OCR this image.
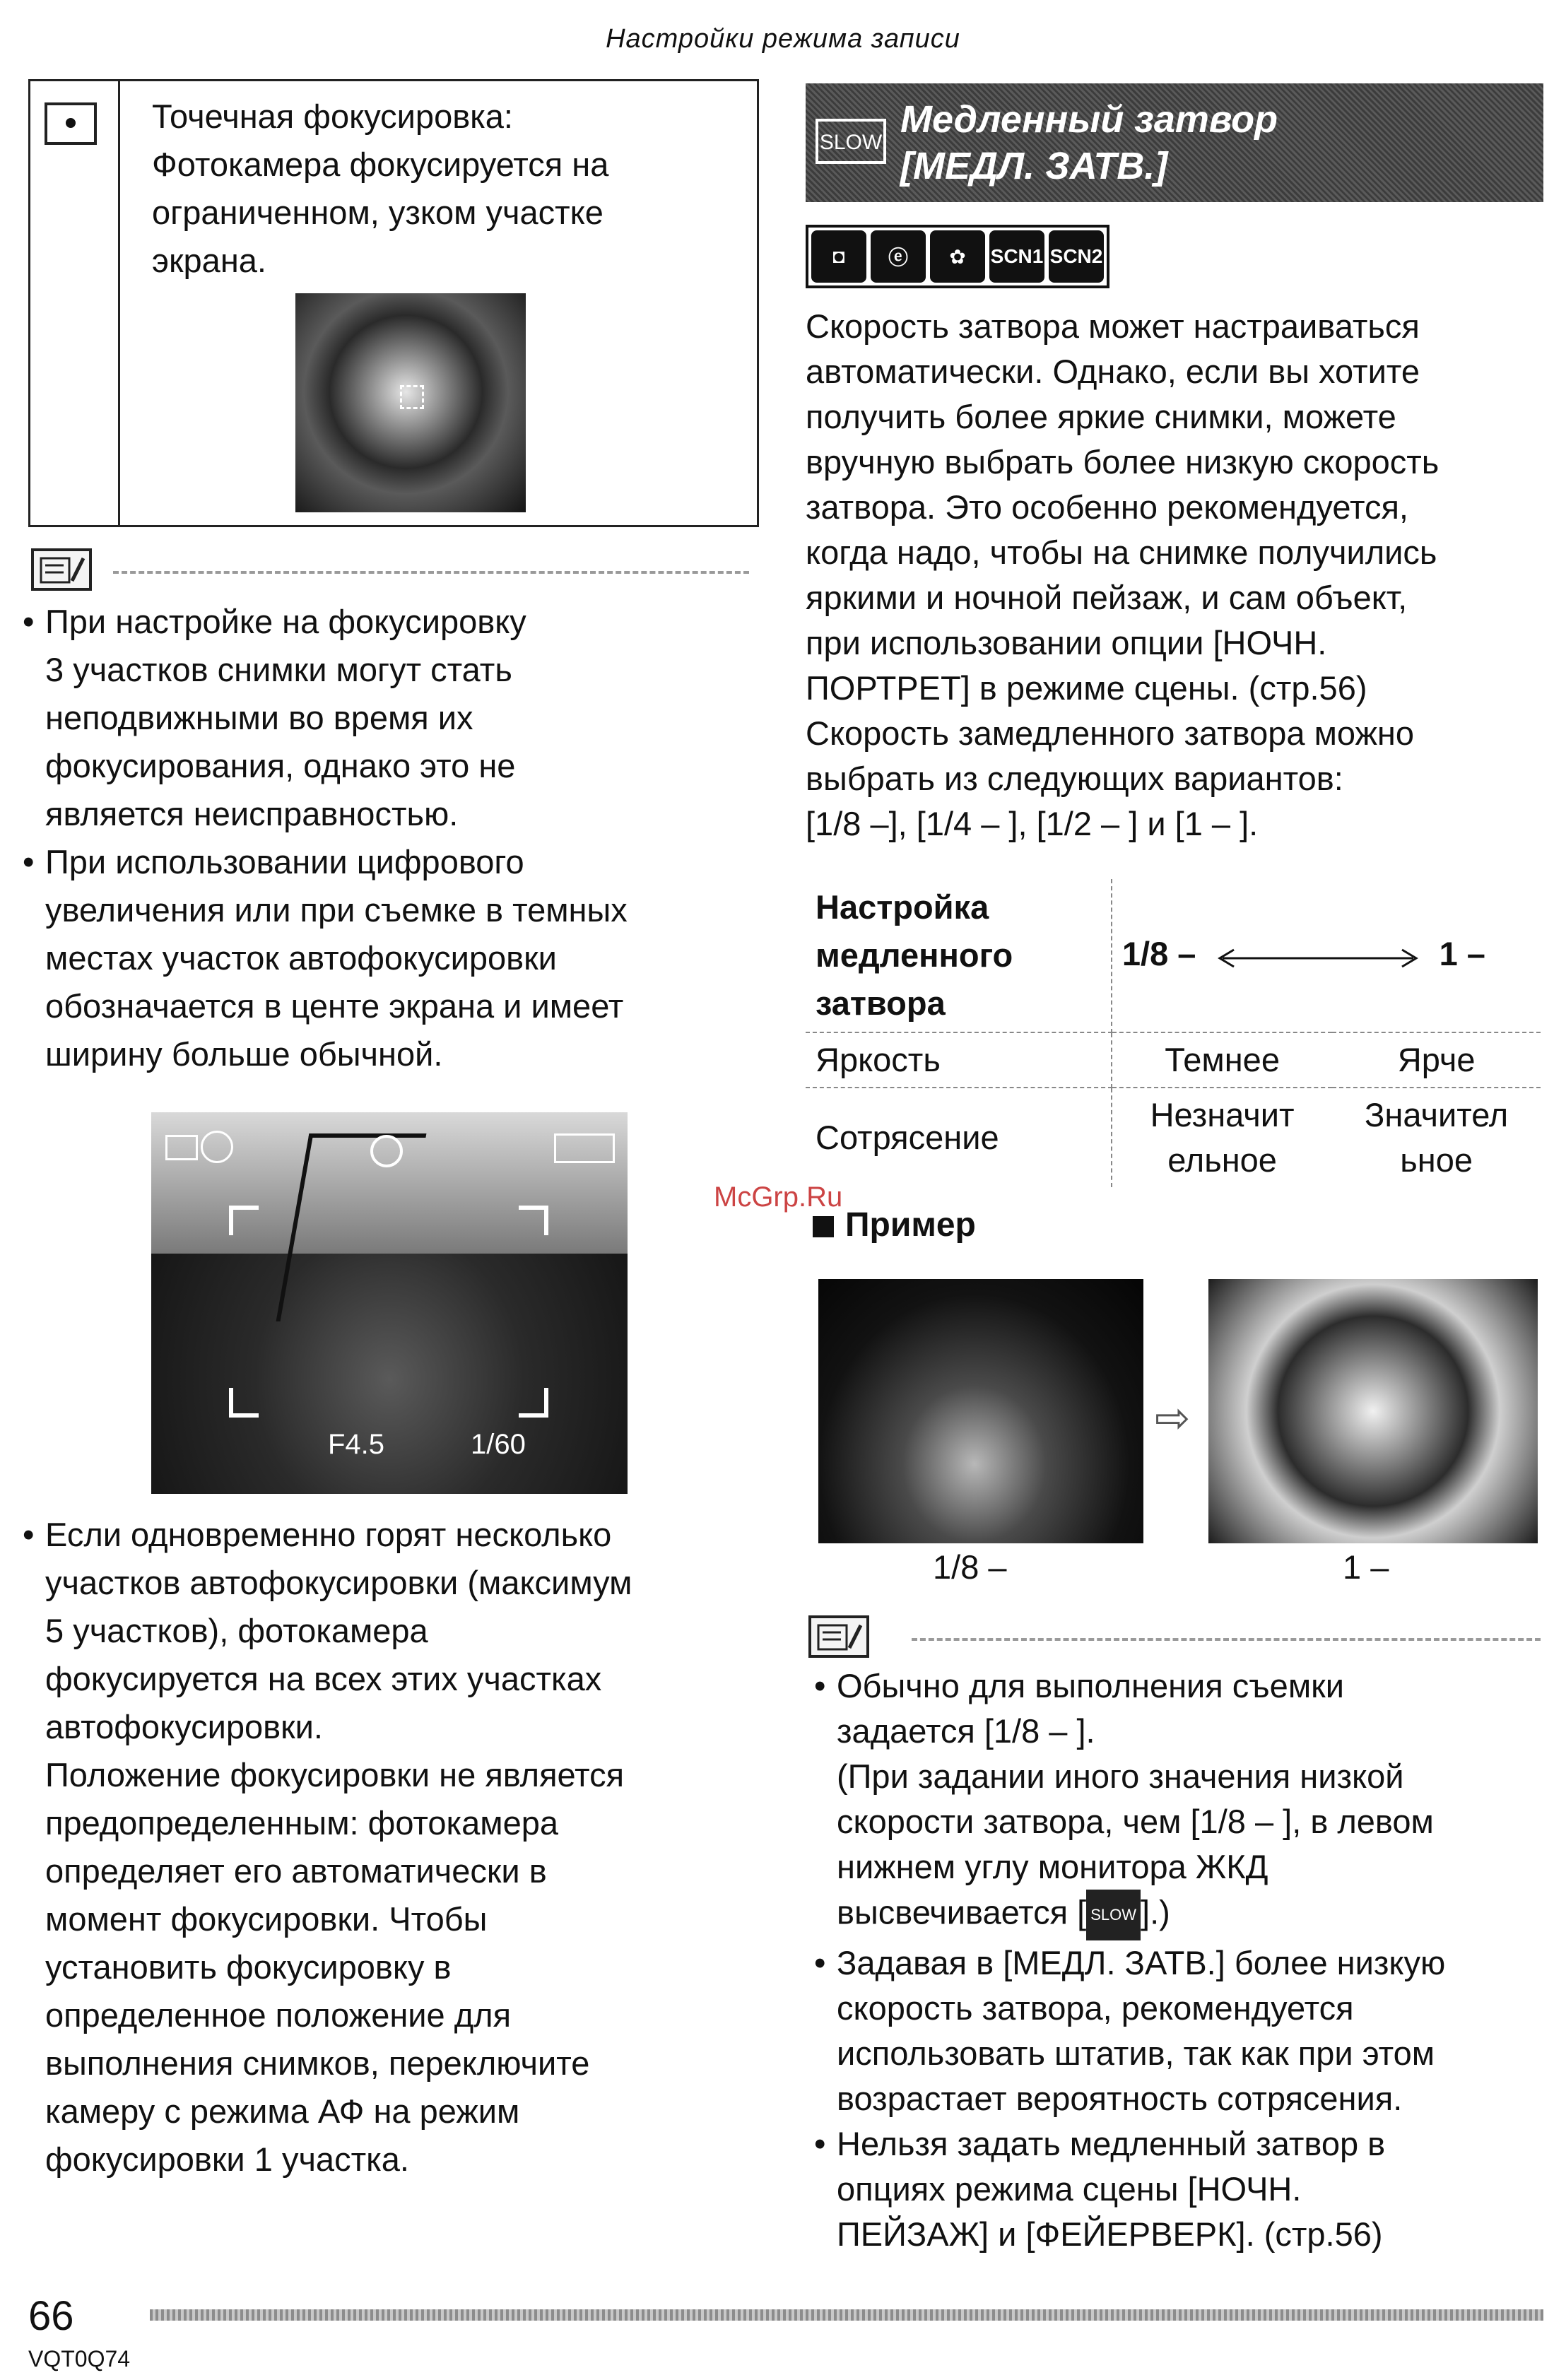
Настройки режима записи
Точечная фокусировка:
Фотокамера фокусируется на
ограниченном, узком участке
экрана.
• При настройке на фокусировку
3 участков снимки могут стать
неподвижными во время их
фокусирования, однако это не
является неисправностью.
• При использовании цифрового
увеличения или при съемке в темных
местах участок автофокусировки
обозначается в центе экрана и имеет
ширину больше обычной.
F4.5	1/60
• Если одновременно горят несколько
участков автофокусировки (максимум
5 участков), фотокамера
фокусируется на всех этих участках
автофокусировки.
Положение фокусировки не является
предопределенным: фотокамера
определяет его автоматически в
момент фокусировки. Чтобы
установить фокусировку в
определенное положение для
выполнения снимков, переключите
камеру с режима АФ на режим
фокусировки 1 участка.
SLOW
Медленный затвор
[МЕДЛ. ЗАТВ.]
◘	ⓔ	✿	SCN1 SCN2
Скорость затвора может настраиваться
автоматически. Однако, если вы хотите
получить более яркие снимки, можете
вручную выбрать более низкую скорость
затвора. Это особенно рекомендуется,
когда надо, чтобы на снимке получились
яркими и ночной пейзаж, и сам объект,
при использовании опции [НОЧН.
ПОРТРЕТ] в режиме сцены. (стр.56)
Скорость замедленного затвора можно
выбрать из следующих вариантов:
[1/8 –], [1/4 – ], [1/2 – ] и [1 – ].
Настройка
медленного
затвора	1/8 – 1 –	
Яркость	Темнее	Ярче
Сотрясение	Незначит ельное	Значител ьное
McGrp.Ru
Пример
⇨
1/8 –	1 –
• Обычно для выполнения съемки
задается [1/8 – ].
(При задании иного значения низкой
скорости затвора, чем [1/8 – ], в левом
нижнем углу монитора ЖКД
высвечивается [ SLOW ].)
• Задавая в [МЕДЛ. ЗАТВ.] более низкую
скорость затвора, рекомендуется
использовать штатив, так как при этом
возрастает вероятность сотрясения.
• Нельзя задать медленный затвор в
опциях режима сцены [НОЧН.
ПЕЙЗАЖ] и [ФЕЙЕРВЕРК]. (стр.56)
66
VQT0Q74
